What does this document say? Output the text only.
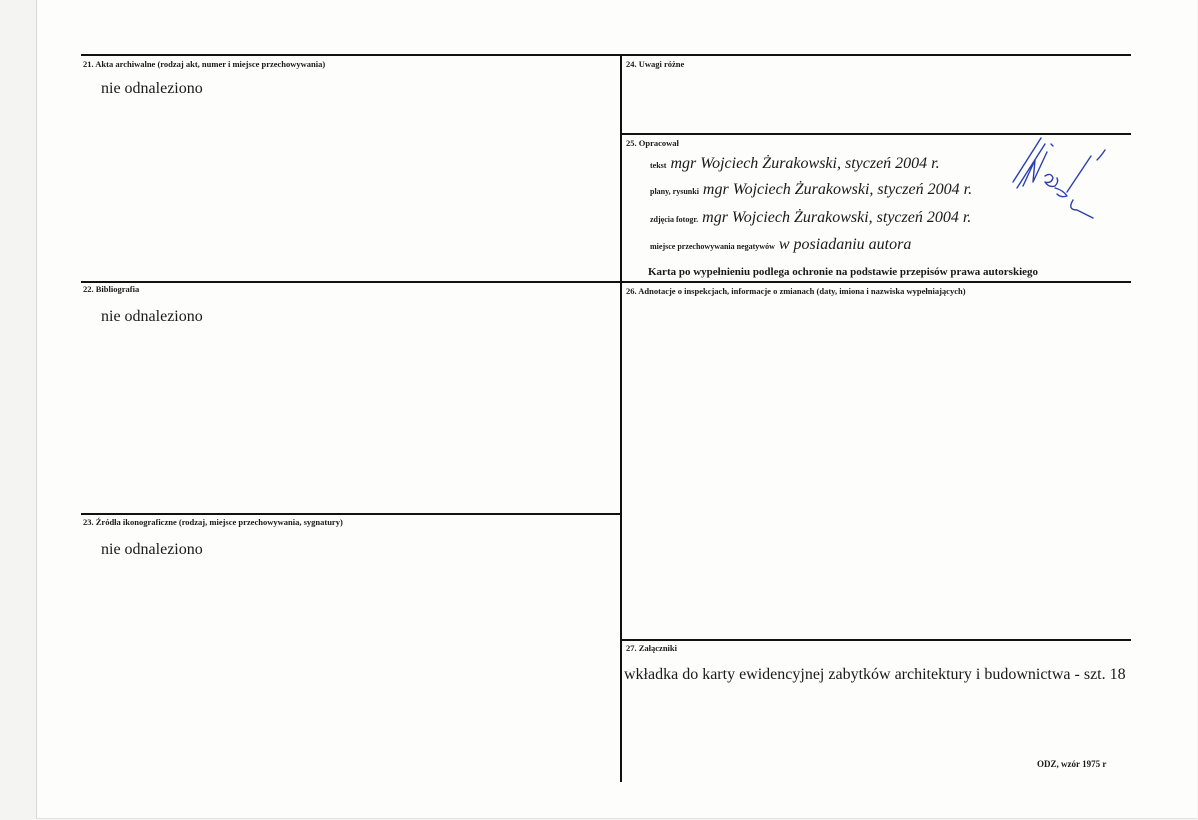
21. Akta archiwalne (rodzaj akt, numer i miejsce przechowywania)
nie odnaleziono
22. Bibliografia
nie odnaleziono
23. Źródła ikonograficzne (rodzaj, miejsce przechowywania, sygnatury)
nie odnaleziono
24. Uwagi różne
25. Opracował
tekst mgr Wojciech Żurakowski, styczeń 2004 r.
plany, rysunki mgr Wojciech Żurakowski, styczeń 2004 r.
zdjęcia fotogr. mgr Wojciech Żurakowski, styczeń 2004 r.
miejsce przechowywania negatywów w posiadaniu autora
Karta po wypełnieniu podlega ochronie na podstawie przepisów prawa autorskiego
26. Adnotacje o inspekcjach, informacje o zmianach (daty, imiona i nazwiska wypełniających)
27. Załączniki
wkładka do karty ewidencyjnej zabytków architektury i budownictwa - szt. 18
ODZ, wzór 1975 r
